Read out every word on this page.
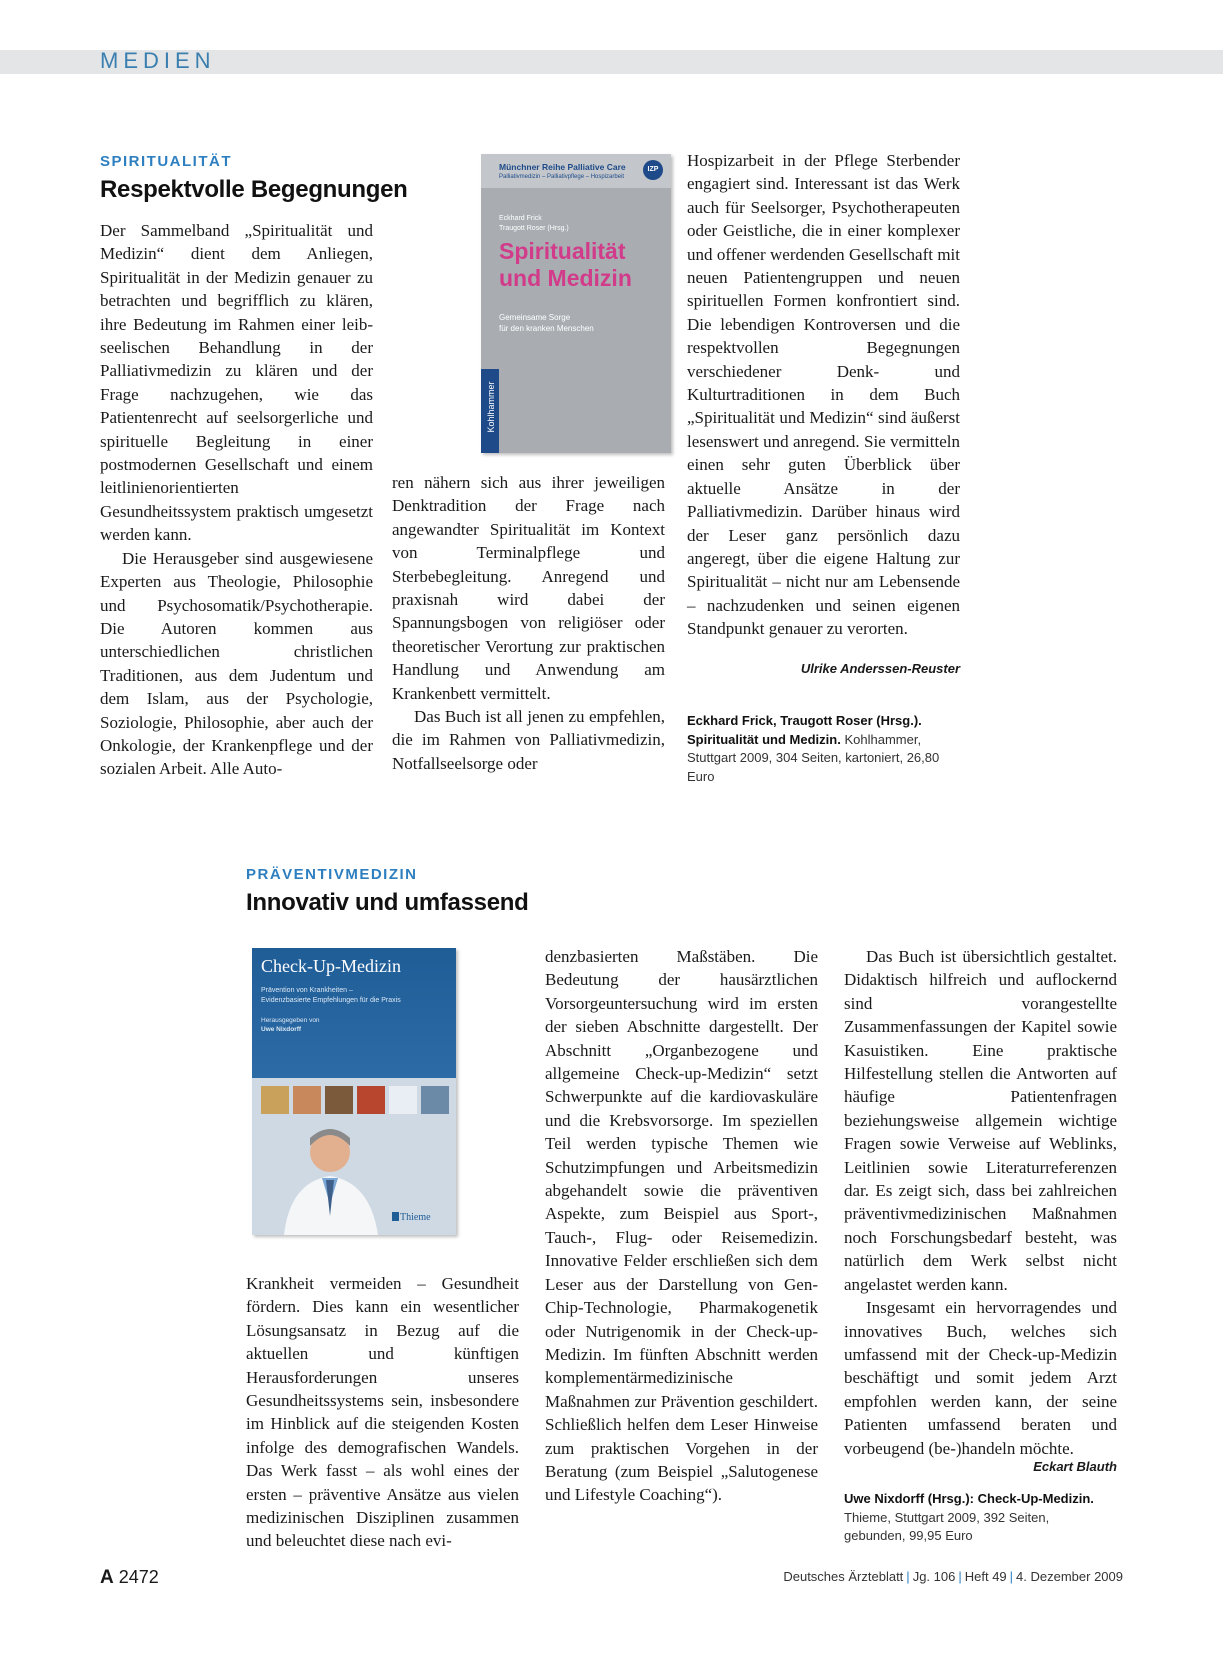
MEDIEN
SPIRITUALITÄT
Respektvolle Begegnungen

Der Sammelband „Spiritualität und Medizin“ dient dem Anliegen, Spiritualität in der Medizin genauer zu betrachten und begrifflich zu klären, ihre Bedeutung im Rahmen einer leib-seelischen Behandlung in der Palliativmedizin zu klären und der Frage nachzugehen, wie das Patientenrecht auf seelsorgerliche und spirituelle Begleitung in einer postmodernen Gesellschaft und einem leitlinienorientierten Gesundheitssystem praktisch umgesetzt werden kann.

Die Herausgeber sind ausgewiesene Experten aus Theologie, Philosophie und Psychosomatik/Psychotherapie. Die Autoren kommen aus unterschiedlichen christlichen Traditionen, aus dem Judentum und dem Islam, aus der Psychologie, Soziologie, Philosophie, aber auch der Onkologie, der Krankenpflege und der sozialen Arbeit. Alle Auto-

Münchner Reihe Palliative Care
Palliativmedizin – Palliativpflege – Hospizarbeit
IZP
Eckhard Frick
Traugott Roser (Hrsg.)
Spiritualität
und Medizin
Gemeinsame Sorge
für den kranken Menschen
Kohlhammer

ren nähern sich aus ihrer jeweiligen Denktradition der Frage nach angewandter Spiritualität im Kontext von Terminalpflege und Sterbebegleitung. Anregend und praxisnah wird dabei der Spannungsbogen von religiöser oder theoretischer Verortung zur praktischen Handlung und Anwendung am Krankenbett vermittelt.

Das Buch ist all jenen zu empfehlen, die im Rahmen von Palliativmedizin, Notfallseelsorge oder

Hospizarbeit in der Pflege Sterbender engagiert sind. Interessant ist das Werk auch für Seelsorger, Psychotherapeuten oder Geistliche, die in einer komplexer und offener werdenden Gesellschaft mit neuen Patientengruppen und neuen spirituellen Formen konfrontiert sind. Die lebendigen Kontroversen und die respektvollen Begegnungen verschiedener Denk- und Kulturtraditionen in dem Buch „Spiritualität und Medizin“ sind äußerst lesenswert und anregend. Sie vermitteln einen sehr guten Überblick über aktuelle Ansätze in der Palliativmedizin. Darüber hinaus wird der Leser ganz persönlich dazu angeregt, über die eigene Haltung zur Spiritualität – nicht nur am Lebensende – nachzudenken und seinen eigenen Standpunkt genauer zu verorten.

Ulrike Anderssen-Reuster
Eckhard Frick, Traugott Roser (Hrsg.). Spiritualität und Medizin. Kohlhammer, Stuttgart 2009, 304 Seiten, kartoniert, 26,80 Euro
PRÄVENTIVMEDIZIN
Innovativ und umfassend
Check-Up-Medizin
Prävention von Krankheiten –
Evidenzbasierte Empfehlungen für die Praxis
Herausgegeben von
Uwe Nixdorff
Thieme

Krankheit vermeiden – Gesundheit fördern. Dies kann ein wesentlicher Lösungsansatz in Bezug auf die aktuellen und künftigen Herausforderungen unseres Gesundheitssystems sein, insbesondere im Hinblick auf die steigenden Kosten infolge des demografischen Wandels. Das Werk fasst – als wohl eines der ersten – präventive Ansätze aus vielen medizinischen Disziplinen zusammen und beleuchtet diese nach evi-

denzbasierten Maßstäben. Die Bedeutung der hausärztlichen Vorsorgeuntersuchung wird im ersten der sieben Abschnitte dargestellt. Der Abschnitt „Organbezogene und allgemeine Check-up-Medizin“ setzt Schwerpunkte auf die kardiovaskuläre und die Krebsvorsorge. Im speziellen Teil werden typische Themen wie Schutzimpfungen und Arbeitsmedizin abgehandelt sowie die präventiven Aspekte, zum Beispiel aus Sport-, Tauch-, Flug- oder Reisemedizin. Innovative Felder erschließen sich dem Leser aus der Darstellung von Gen-Chip-Technologie, Pharmakogenetik oder Nutrigenomik in der Check-up-Medizin. Im fünften Abschnitt werden komplementärmedizinische Maßnahmen zur Prävention geschildert. Schließlich helfen dem Leser Hinweise zum praktischen Vorgehen in der Beratung (zum Beispiel „Salutogenese und Lifestyle Coaching“).

Das Buch ist übersichtlich gestaltet. Didaktisch hilfreich und auflockernd sind vorangestellte Zusammenfassungen der Kapitel sowie Kasuistiken. Eine praktische Hilfestellung stellen die Antworten auf häufige Patientenfragen beziehungsweise allgemein wichtige Fragen sowie Verweise auf Weblinks, Leitlinien sowie Literaturreferenzen dar. Es zeigt sich, dass bei zahlreichen präventivmedizinischen Maßnahmen noch Forschungsbedarf besteht, was natürlich dem Werk selbst nicht angelastet werden kann.

Insgesamt ein hervorragendes und innovatives Buch, welches sich umfassend mit der Check-up-Medizin beschäftigt und somit jedem Arzt empfohlen werden kann, der seine Patienten umfassend beraten und vorbeugend (be-)handeln möchte.

Eckart Blauth
Uwe Nixdorff (Hrsg.): Check-Up-Medizin. Thieme, Stuttgart 2009, 392 Seiten, gebunden, 99,95 Euro
A 2472	Deutsches Ärzteblatt | Jg. 106 | Heft 49 | 4. Dezember 2009
